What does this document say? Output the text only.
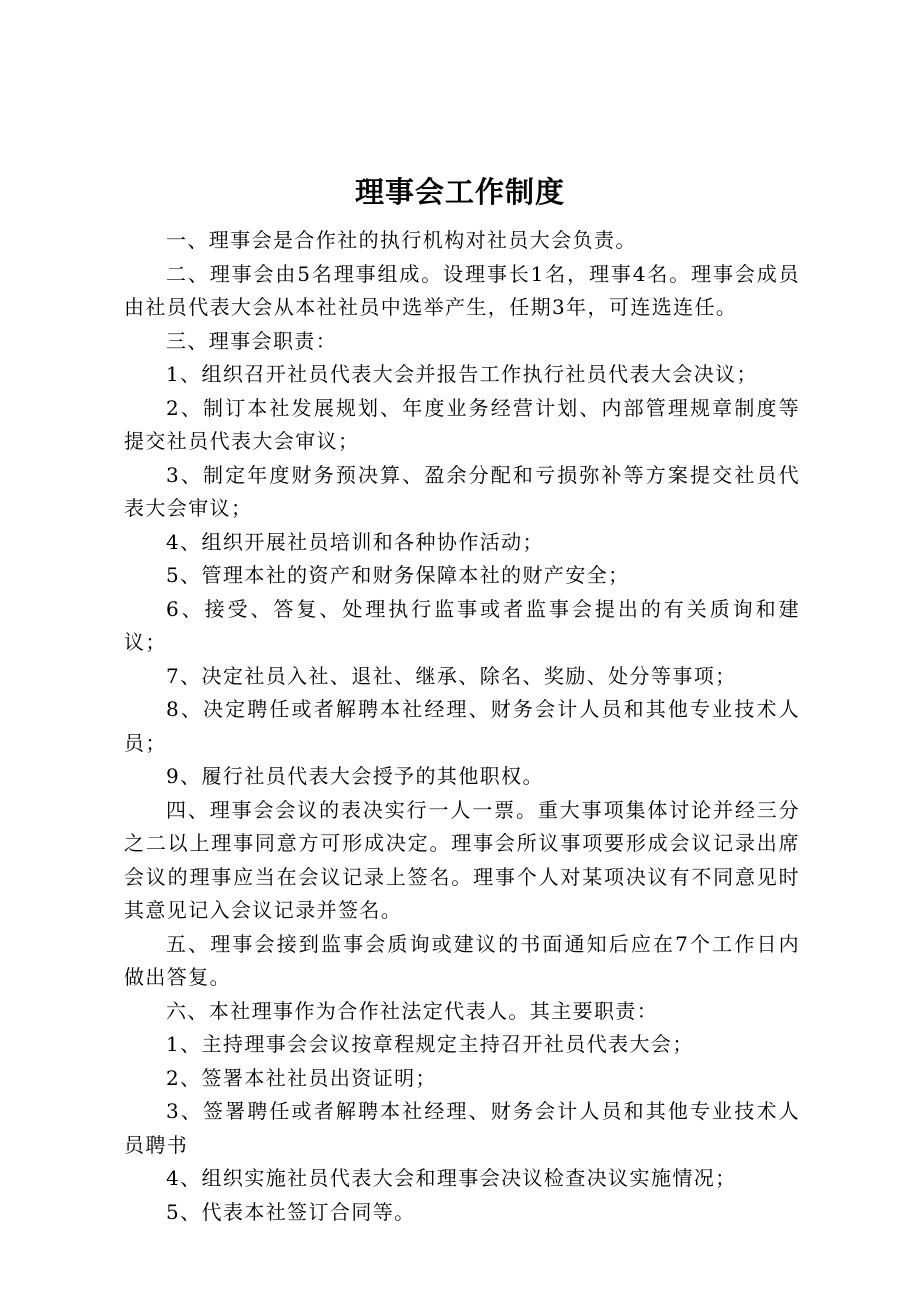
理事会工作制度

一、理事会是合作社的执行机构对社员大会负责。

二、理事会由5名理事组成。设理事长1名，理事4名。理事会成员由社员代表大会从本社社员中选举产生，任期3年，可连选连任。

三、理事会职责：

1、组织召开社员代表大会并报告工作执行社员代表大会决议；

2、制订本社发展规划、年度业务经营计划、内部管理规章制度等提交社员代表大会审议；

3、制定年度财务预决算、盈余分配和亏损弥补等方案提交社员代表大会审议；

4、组织开展社员培训和各种协作活动；

5、管理本社的资产和财务保障本社的财产安全；

6、接受、答复、处理执行监事或者监事会提出的有关质询和建议；

7、决定社员入社、退社、继承、除名、奖励、处分等事项；

8、决定聘任或者解聘本社经理、财务会计人员和其他专业技术人员；

9、履行社员代表大会授予的其他职权。

四、理事会会议的表决实行一人一票。重大事项集体讨论并经三分之二以上理事同意方可形成决定。理事会所议事项要形成会议记录出席会议的理事应当在会议记录上签名。理事个人对某项决议有不同意见时其意见记入会议记录并签名。

五、理事会接到监事会质询或建议的书面通知后应在7个工作日内做出答复。

六、本社理事作为合作社法定代表人。其主要职责：

1、主持理事会会议按章程规定主持召开社员代表大会；

2、签署本社社员出资证明；

3、签署聘任或者解聘本社经理、财务会计人员和其他专业技术人员聘书

4、组织实施社员代表大会和理事会决议检查决议实施情况；

5、代表本社签订合同等。
